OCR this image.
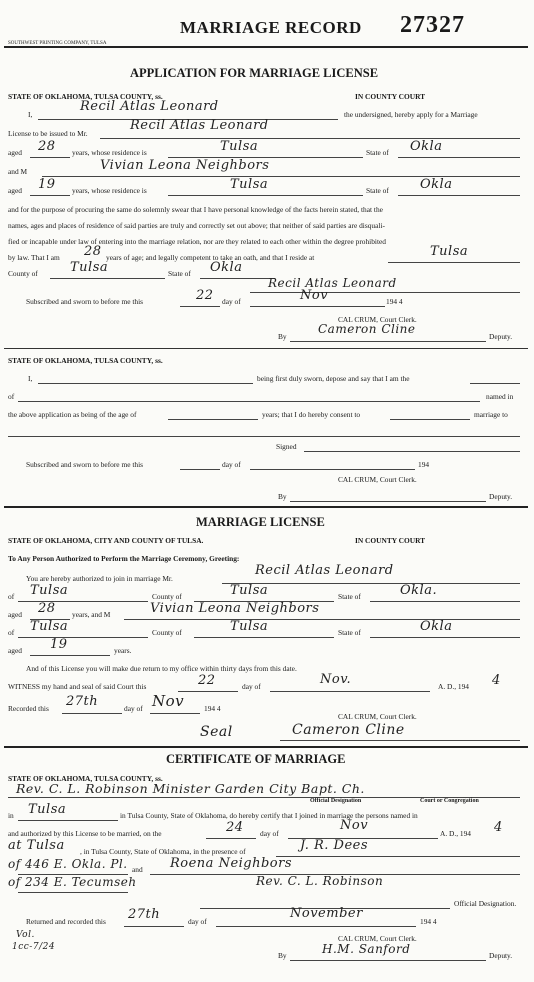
MARRIAGE RECORD 27327
SOUTHWEST PRINTING COMPANY, TULSA
APPLICATION FOR MARRIAGE LICENSE
STATE OF OKLAHOMA, TULSA COUNTY, ss.	IN COUNTY COURT
I,
Recil Atlas Leonard
the undersigned, hereby apply for a Marriage
License to be issued to Mr.
Recil Atlas Leonard
aged 28 years, whose residence is	Tulsa	State of Okla
and M	Vivian Leona Neighbors
aged 19 years, whose residence is	Tulsa	State of Okla
and for the purpose of procuring the same do solemnly swear that I have personal knowledge of the facts herein stated, that the
names, ages and places of residence of said parties are truly and correctly set out above; that neither of said parties are disquali-
fied or incapable under law of entering into the marriage relation, nor are they related to each other within the degree prohibited
by law. That I am 28 years of age; and legally competent to take an oath, and that I reside at	Tulsa
County of Tulsa	State of Okla
Recil Atlas Leonard
Subscribed and sworn to before me this	22 day of	Nov	194 4
CAL CRUM, Court Clerk.
By
Cameron Cline
Deputy.
STATE OF OKLAHOMA, TULSA COUNTY, ss.
I,	being first duly sworn, depose and say that I am the
of	named in
the above application as being of the age of	years; that I do hereby consent to	marriage to
Signed
Subscribed and sworn to before me this	day of	194
CAL CRUM, Court Clerk.
By	Deputy.
MARRIAGE LICENSE
STATE OF OKLAHOMA, CITY AND COUNTY OF TULSA.	IN COUNTY COURT
To Any Person Authorized to Perform the Marriage Ceremony, Greeting:
You are hereby authorized to join in marriage Mr.
Recil Atlas Leonard
of Tulsa	County of	Tulsa	State of	Okla.
aged 28 years, and M	Vivian Leona Neighbors
of Tulsa	County of	Tulsa	State of	Okla
aged 19	years.
And of this License you will make due return to my office within thirty days from this date.
WITNESS my hand and seal of said Court this	22	day of	Nov.	A. D., 194 4
Recorded this 27th	day of Nov	194 4
CAL CRUM, Court Clerk.
Seal	Cameron Cline
CERTIFICATE OF MARRIAGE
STATE OF OKLAHOMA, TULSA COUNTY, ss.
Rev. C. L. Robinson Minister Garden City Bapt. Ch.
Official Designation	Court or Congregation
in Tulsa	in Tulsa County, State of Oklahoma, do hereby certify that I joined in marriage the persons named in
and authorized by this License to be married, on the	24 day of
Nov
A. D., 194 4
at Tulsa , in Tulsa County, State of Oklahoma, in the presence of	J. R. Dees
of 446 E. Okla. Pl. and Roena Neighbors
of 234 E. Tecumseh	Rev. C. L. Robinson
Official Designation.
Returned and recorded this 27th	day of
November
194 4
CAL CRUM, Court Clerk.
By	H.M. Sanford	Deputy.
Vol.
1cc-7/24
